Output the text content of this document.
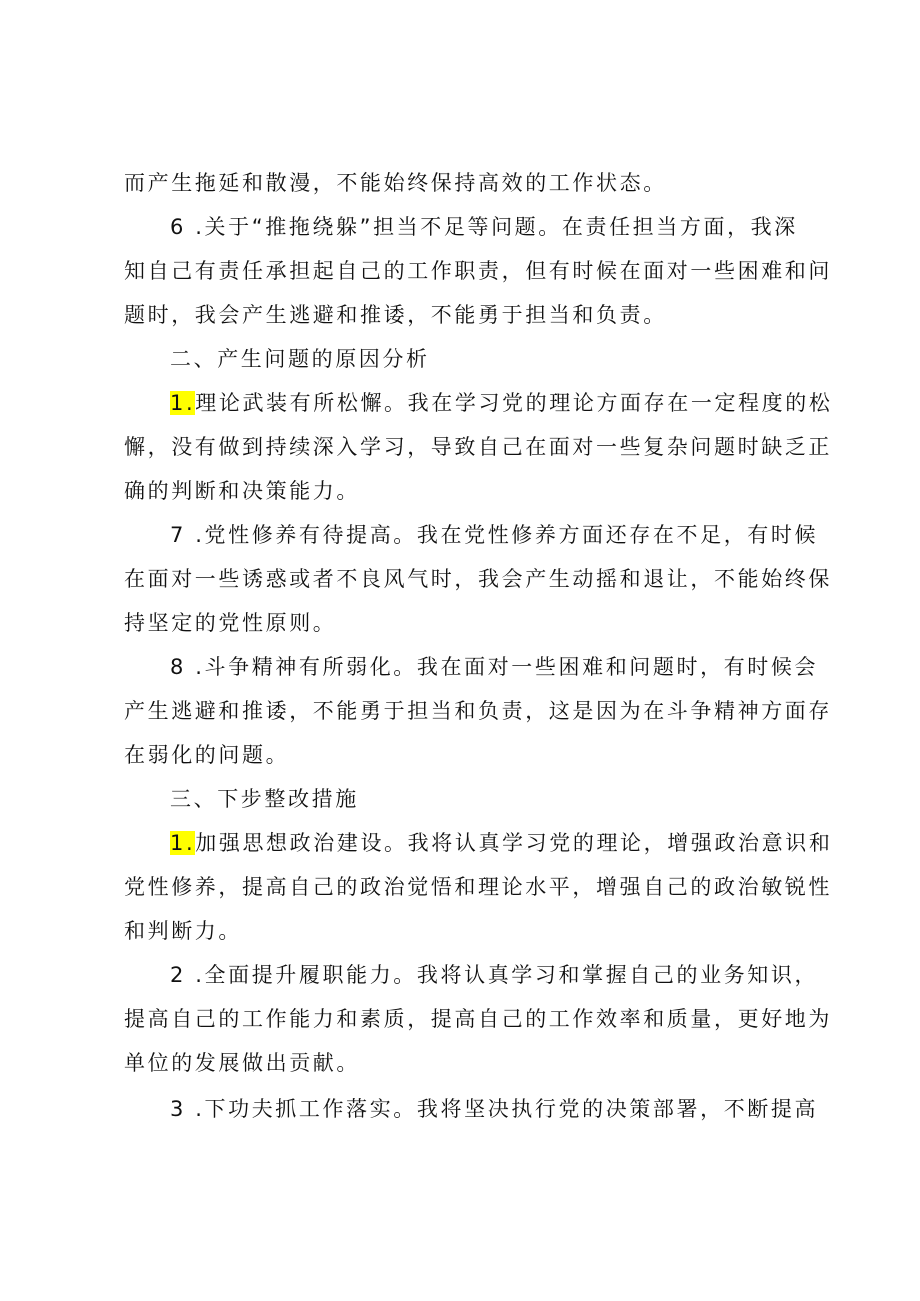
而产生拖延和散漫，不能始终保持高效的工作状态。
6 .关于“推拖绕躲”担当不足等问题。在责任担当方面，我深
知自己有责任承担起自己的工作职责，但有时候在面对一些困难和问
题时，我会产生逃避和推诿，不能勇于担当和负责。
二、产生问题的原因分析
1.理论武装有所松懈。我在学习党的理论方面存在一定程度的松
懈，没有做到持续深入学习，导致自己在面对一些复杂问题时缺乏正
确的判断和决策能力。
7 .党性修养有待提高。我在党性修养方面还存在不足，有时候
在面对一些诱惑或者不良风气时，我会产生动摇和退让，不能始终保
持坚定的党性原则。
8 .斗争精神有所弱化。我在面对一些困难和问题时，有时候会
产生逃避和推诿，不能勇于担当和负责，这是因为在斗争精神方面存
在弱化的问题。
三、下步整改措施
1.加强思想政治建设。我将认真学习党的理论，增强政治意识和
党性修养，提高自己的政治觉悟和理论水平，增强自己的政治敏锐性
和判断力。
2 .全面提升履职能力。我将认真学习和掌握自己的业务知识，
提高自己的工作能力和素质，提高自己的工作效率和质量，更好地为
单位的发展做出贡献。
3 .下功夫抓工作落实。我将坚决执行党的决策部署，不断提高
